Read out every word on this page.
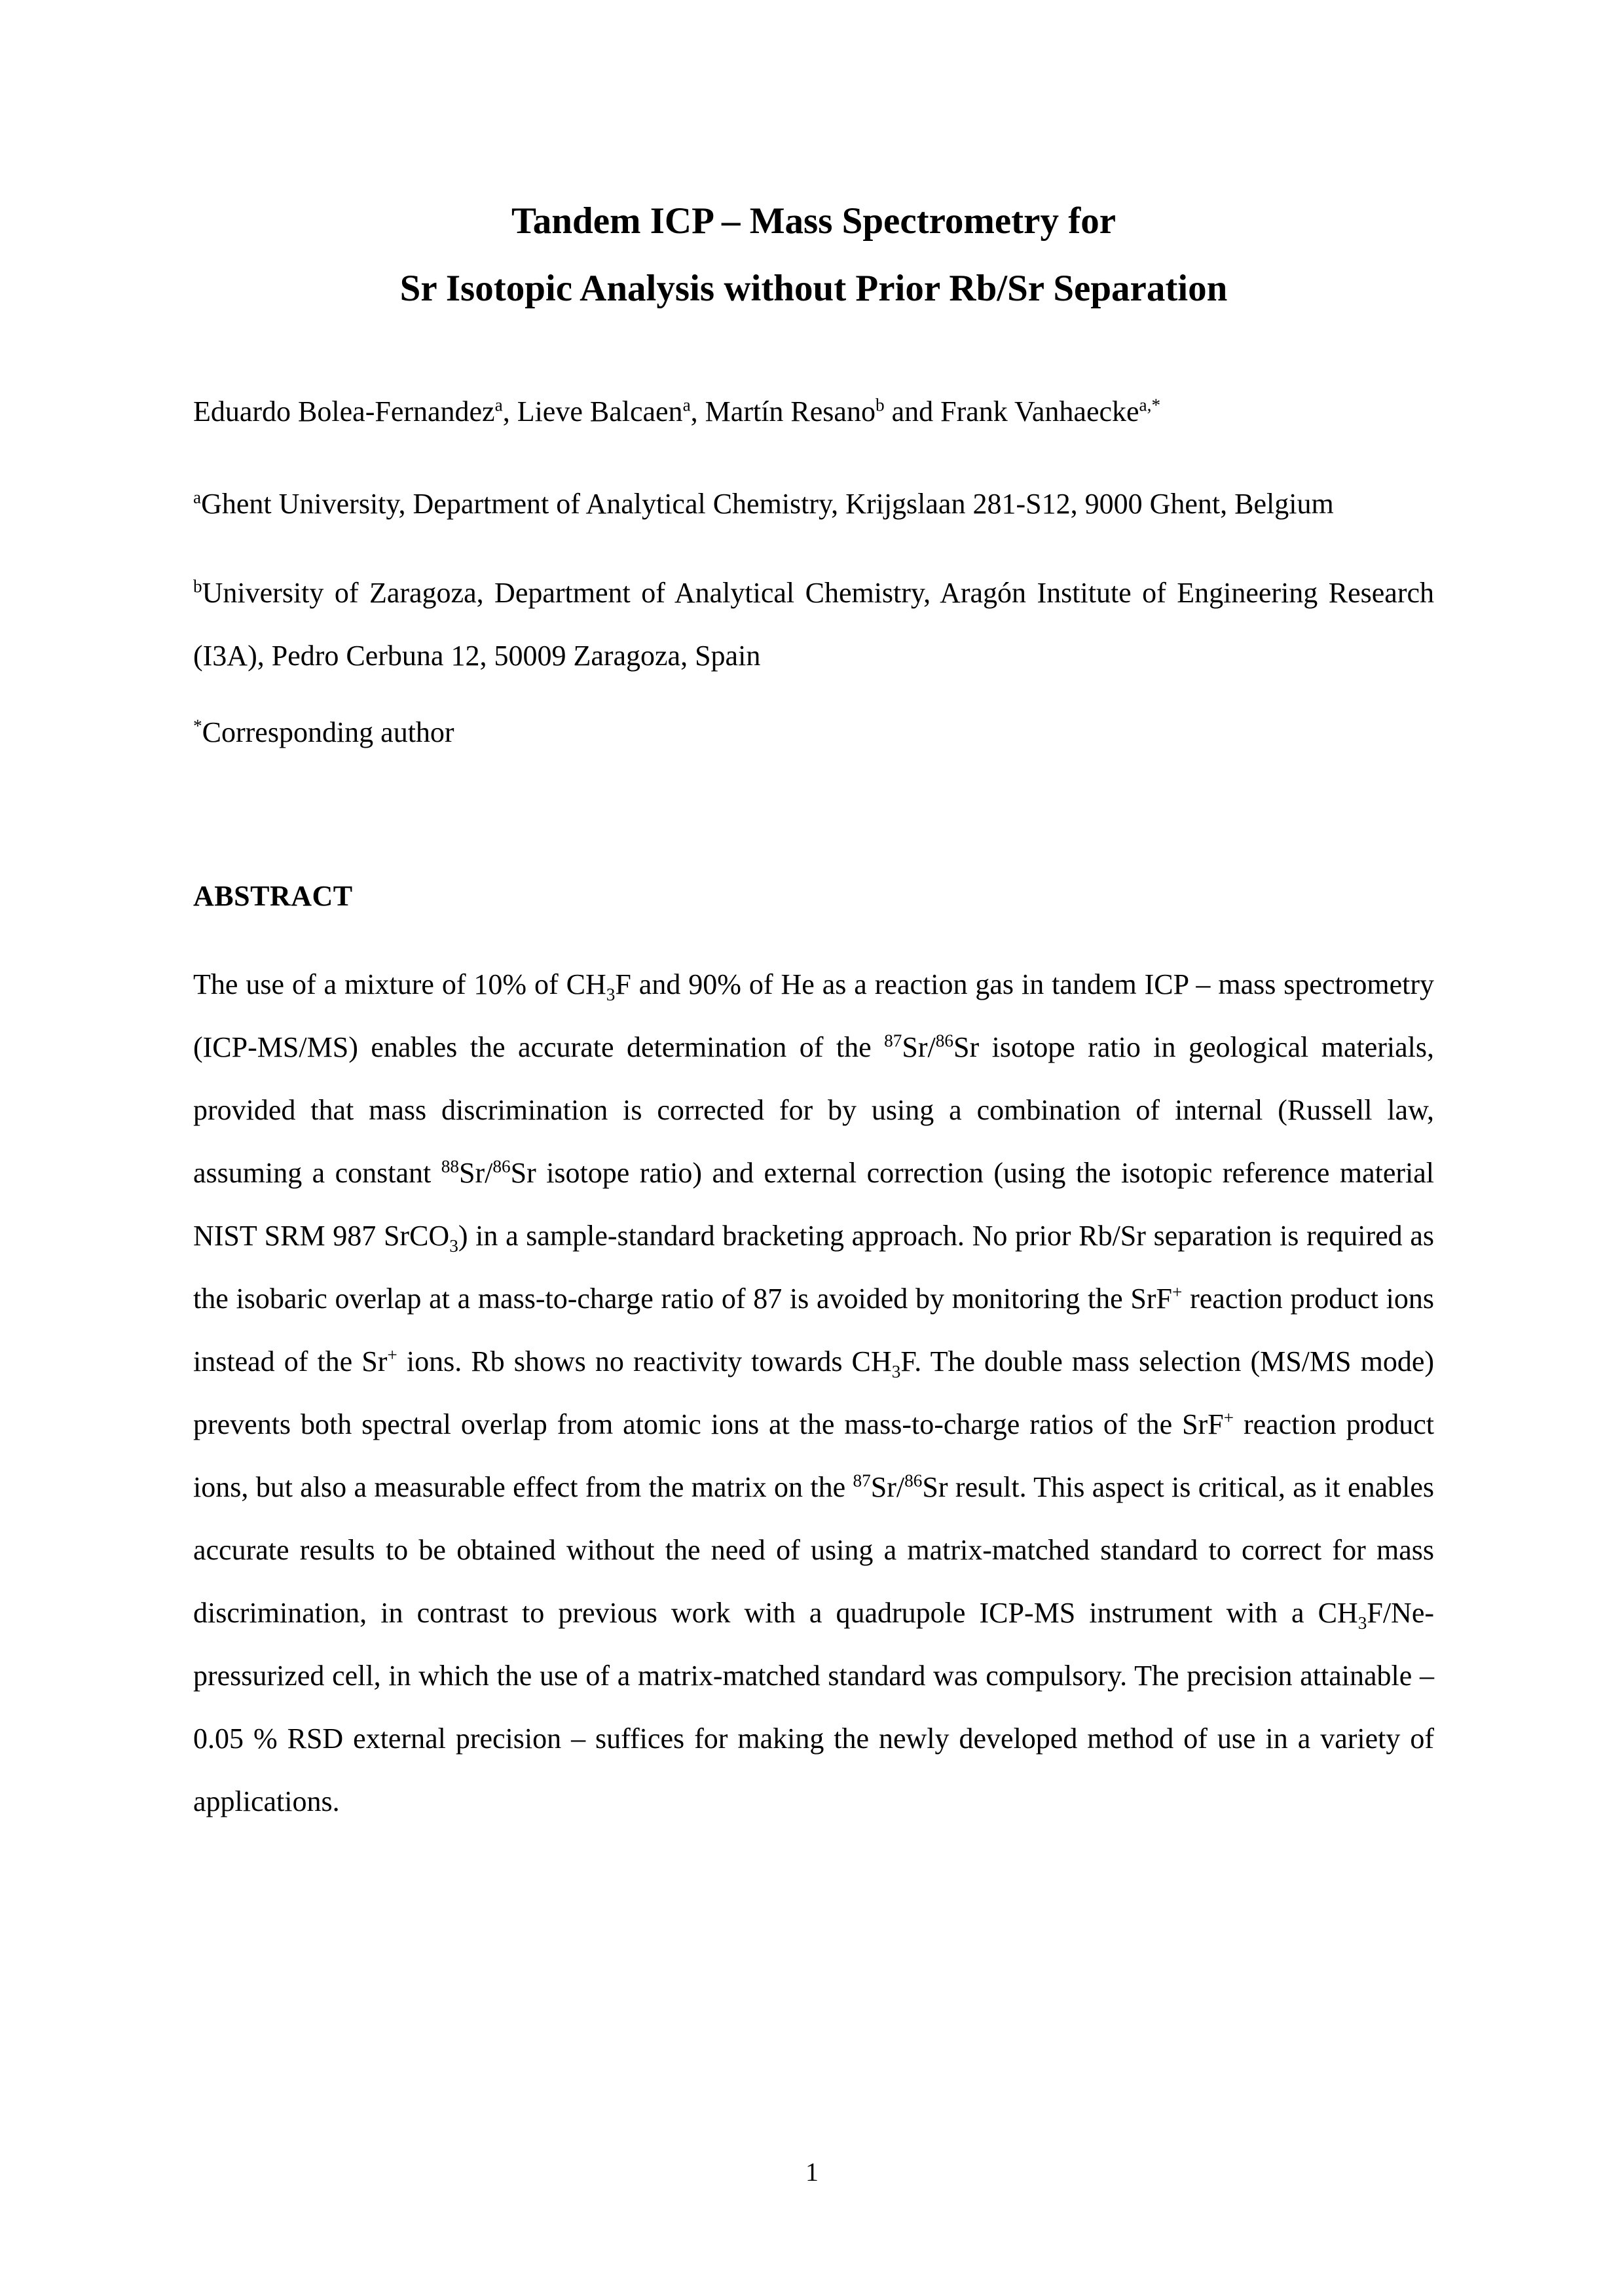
Tandem ICP – Mass Spectrometry for
Sr Isotopic Analysis without Prior Rb/Sr Separation
Eduardo Bolea-Fernandez$^a$, Lieve Balcaen$^a$, Martín Resano$^b$ and Frank Vanhaecke$^{a,*}$
$^a$Ghent University, Department of Analytical Chemistry, Krijgslaan 281-S12, 9000 Ghent, Belgium
$^b$University of Zaragoza, Department of Analytical Chemistry, Aragón Institute of Engineering Research (I3A), Pedro Cerbuna 12, 50009 Zaragoza, Spain
*Corresponding author
ABSTRACT

The use of a mixture of 10% of $CH_3F$ and 90% of He as a reaction gas in tandem ICP – mass spectrometry (ICP-MS/MS) enables the accurate determination of the $^{87}$Sr/$^{86}$Sr isotope ratio in geological materials, provided that mass discrimination is corrected for by using a combination of internal (Russell law, assuming a constant $^{88}$Sr/$^{86}$Sr isotope ratio) and external correction (using the isotopic reference material NIST SRM 987 SrCO$_3$) in a sample-standard bracketing approach. No prior Rb/Sr separation is required as the isobaric overlap at a mass-to-charge ratio of 87 is avoided by monitoring the SrF+ reaction product ions instead of the Sr+ ions. Rb shows no reactivity towards $CH_3F$. The double mass selection (MS/MS mode) prevents both spectral overlap from atomic ions at the mass-to-charge ratios of the SrF+ reaction product ions, but also a measurable effect from the matrix on the $^{87}$Sr/$^{86}$Sr result. This aspect is critical, as it enables accurate results to be obtained without the need of using a matrix-matched standard to correct for mass discrimination, in contrast to previous work with a quadrupole ICP-MS instrument with a $CH_3F/Ne$-pressurized cell, in which the use of a matrix-matched standard was compulsory. The precision attainable – 0.05 % RSD external precision – suffices for making the newly developed method of use in a variety of applications.

1
